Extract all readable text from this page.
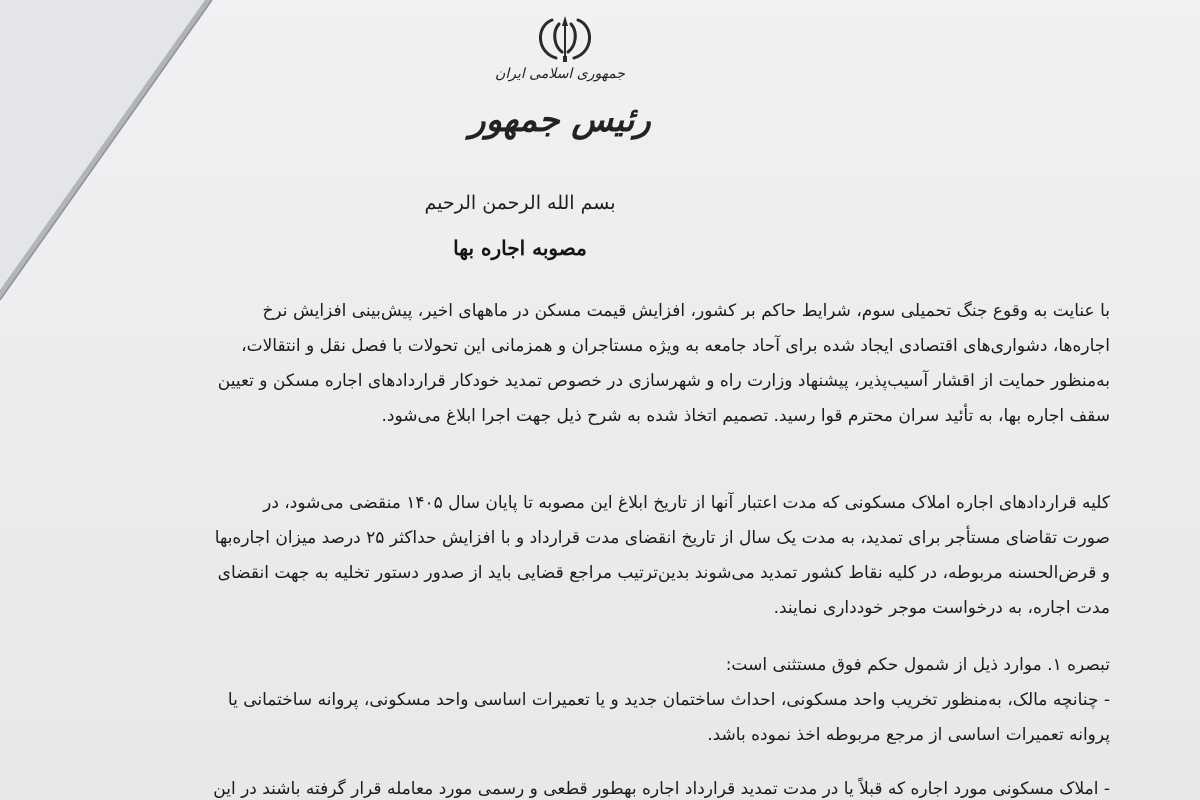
جمهوری اسلامی ایران
رئیس جمهور
بسم الله الرحمن الرحیم
مصوبه اجاره بها
با عنایت به وقوع جنگ تحمیلی سوم، شرایط حاکم بر کشور، افزایش قیمت مسکن در ماههای اخیر، پیش‌بینی افزایش نرخ
اجاره‌ها، دشواری‌های اقتصادی ایجاد شده برای آحاد جامعه به ویژه مستاجران و همزمانی این تحولات با فصل نقل و انتقالات،
به‌منظور حمایت از اقشار آسیب‌پذیر، پیشنهاد وزارت راه و شهرسازی در خصوص تمدید خودکار قراردادهای اجاره مسکن و تعیین
سقف اجاره بها، به تأئید سران محترم قوا رسید. تصمیم اتخاذ شده به شرح ذیل جهت اجرا ابلاغ می‌شود.
کلیه قراردادهای اجاره املاک مسکونی که مدت اعتبار آنها از تاریخ ابلاغ این مصوبه تا پایان سال ۱۴۰۵ منقضی می‌شود، در
صورت تقاضای مستأجر برای تمدید، به مدت یک سال از تاریخ انقضای مدت قرارداد و با افزایش حداکثر ۲۵ درصد میزان اجاره‌بها
و قرض‌الحسنه مربوطه، در کلیه نقاط کشور تمدید می‌شوند بدین‌ترتیب مراجع قضایی باید از صدور دستور تخلیه به جهت انقضای
مدت اجاره، به درخواست موجر خودداری نمایند.
تبصره ۱. موارد ذیل از شمول حکم فوق مستثنی است:
- چنانچه مالک، به‌منظور تخریب واحد مسکونی، احداث ساختمان جدید و یا تعمیرات اساسی واحد مسکونی، پروانه ساختمانی یا
پروانه تعمیرات اساسی از مرجع مربوطه اخذ نموده باشد.
- املاک مسکونی مورد اجاره که قبلاً یا در مدت تمدید قرارداد اجاره بهطور قطعی و رسمی مورد معامله قرار گرفته باشند در این
